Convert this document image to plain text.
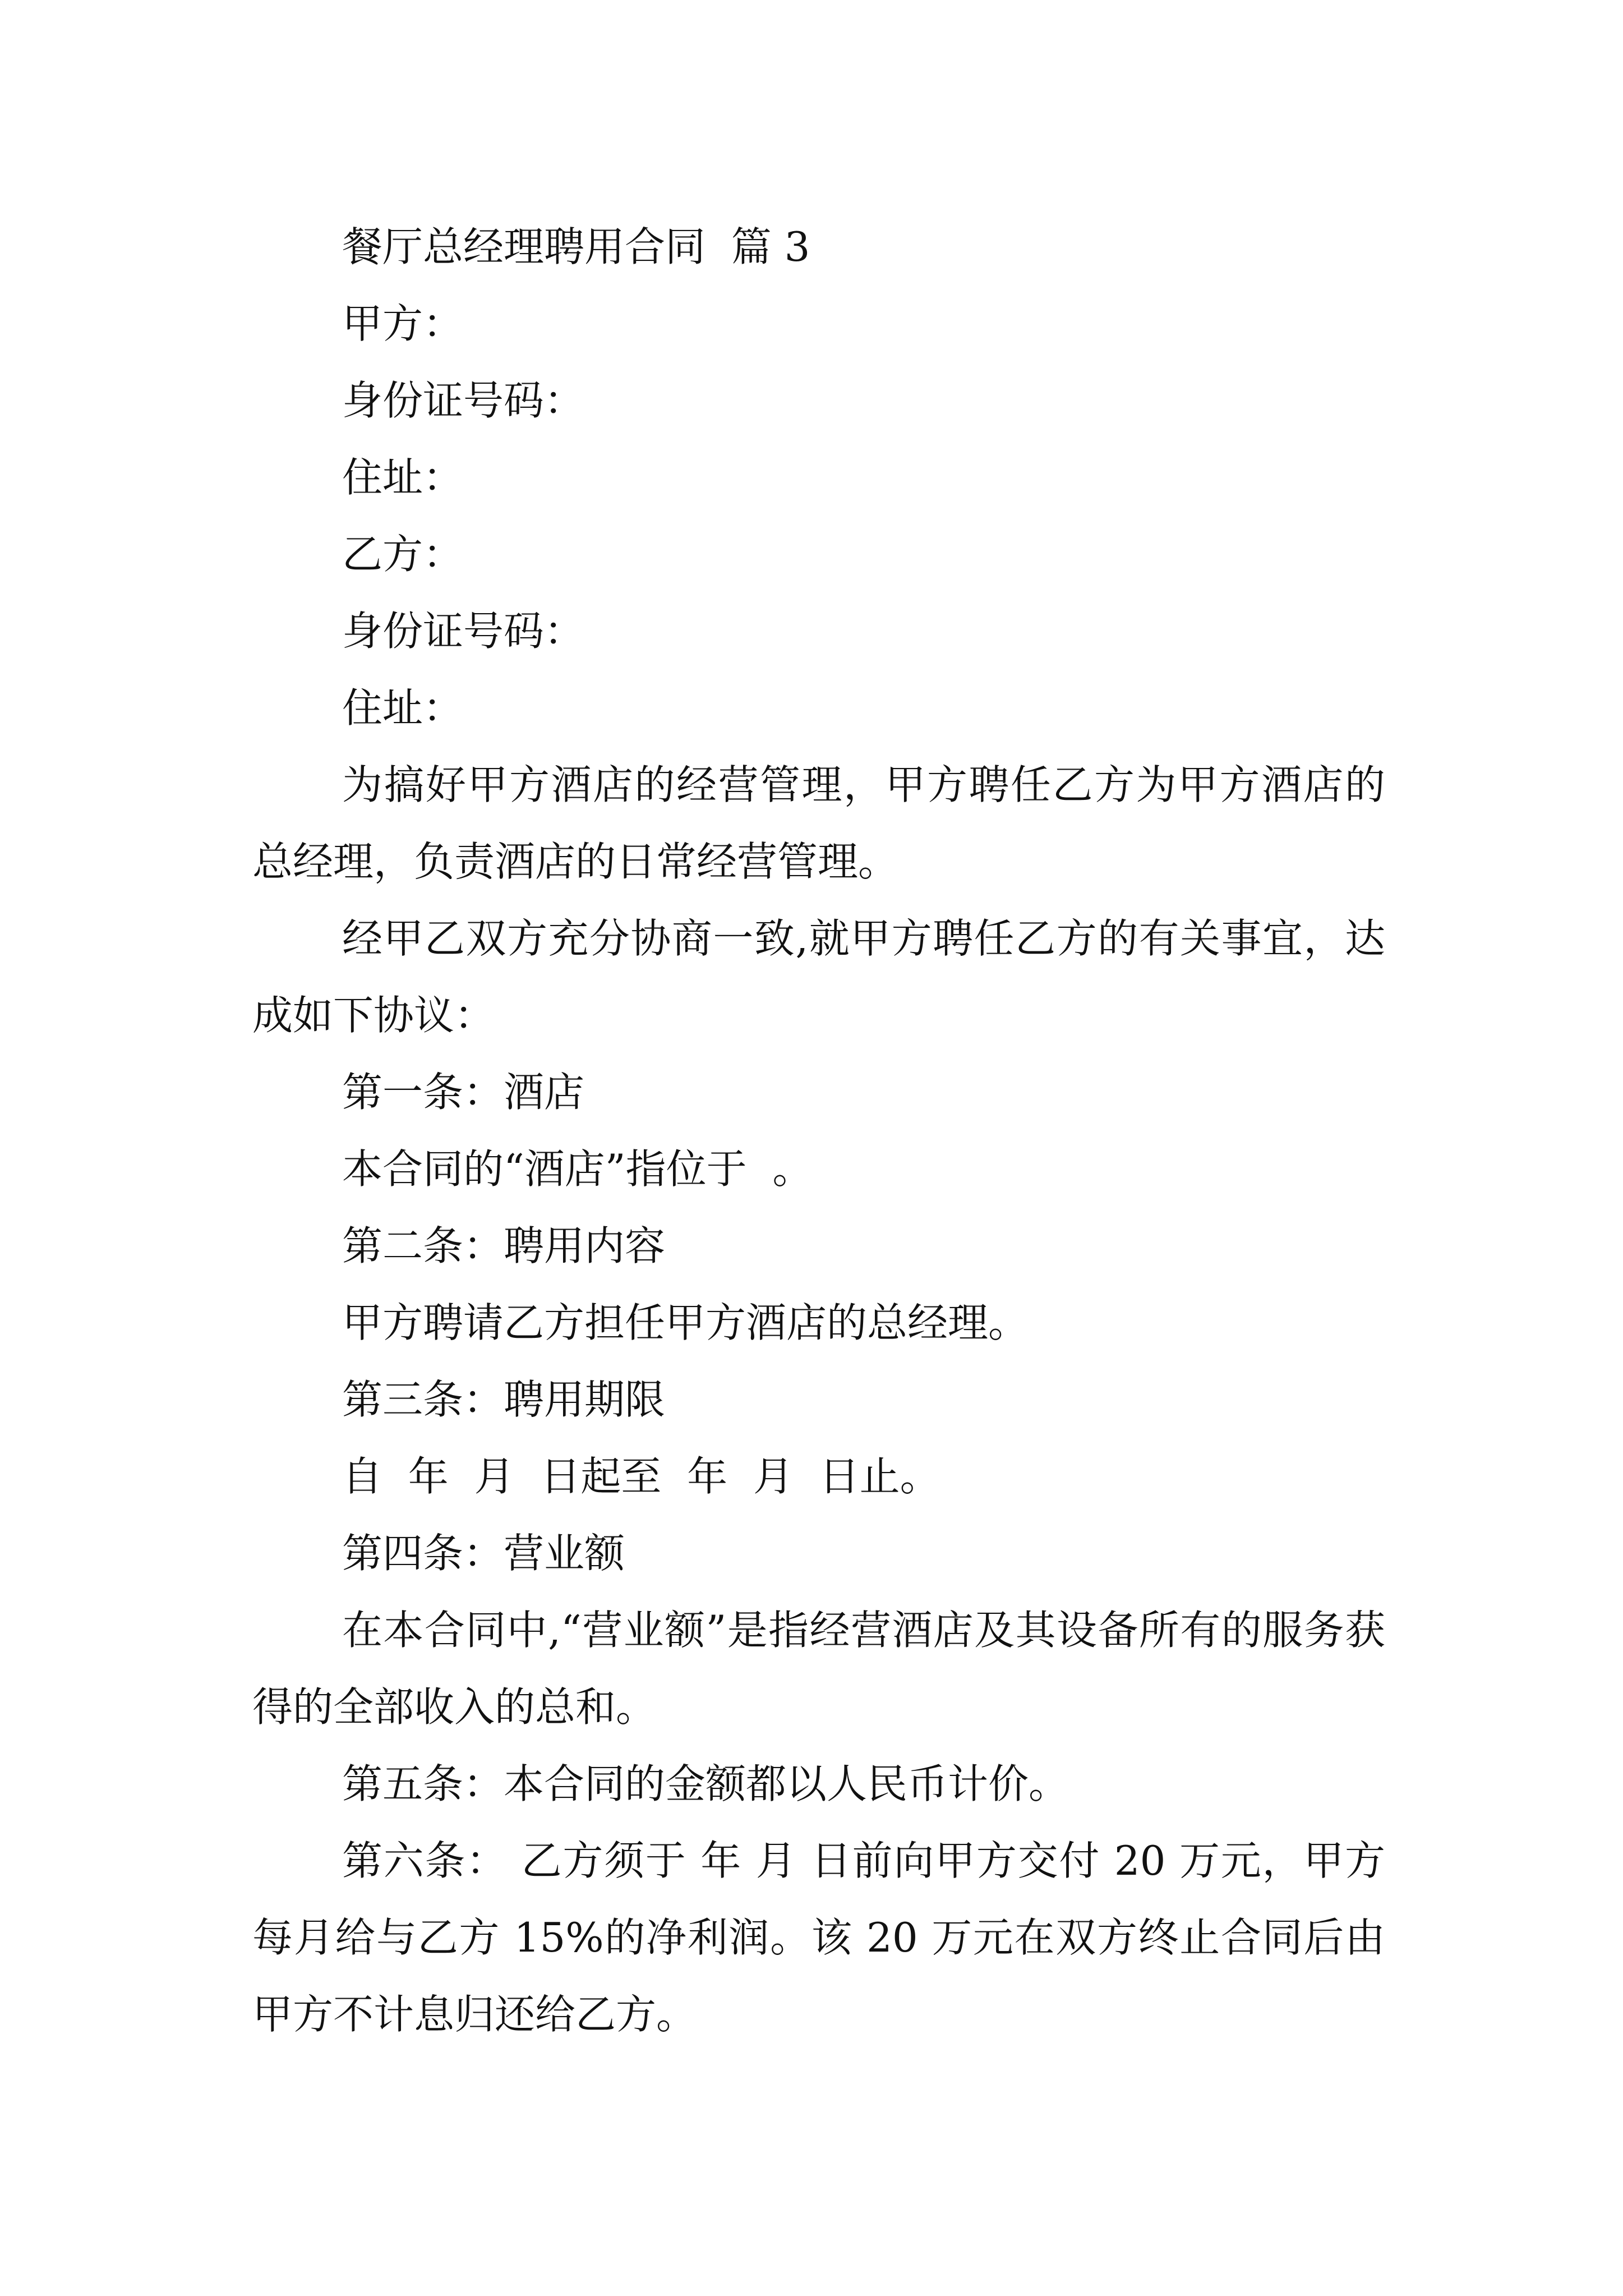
餐厅总经理聘用合同  篇 3
甲方：
身份证号码：
住址：
乙方：
身份证号码：
住址：
为搞好甲方酒店的经营管理，甲方聘任乙方为甲方酒店的总经理，负责酒店的日常经营管理。
经甲乙双方充分协商一致,就甲方聘任乙方的有关事宜，达成如下协议：
第一条：酒店
本合同的“酒店”指位于  。
第二条：聘用内容
甲方聘请乙方担任甲方酒店的总经理。
第三条：聘用期限
自  年  月  日起至  年  月  日止。
第四条：营业额
在本合同中,“营业额”是指经营酒店及其设备所有的服务获得的全部收入的总和。
第五条：本合同的金额都以人民币计价。
第六条： 乙方须于 年 月 日前向甲方交付 20 万元，甲方每月给与乙方 15%的净利润。该 20 万元在双方终止合同后由甲方不计息归还给乙方。
